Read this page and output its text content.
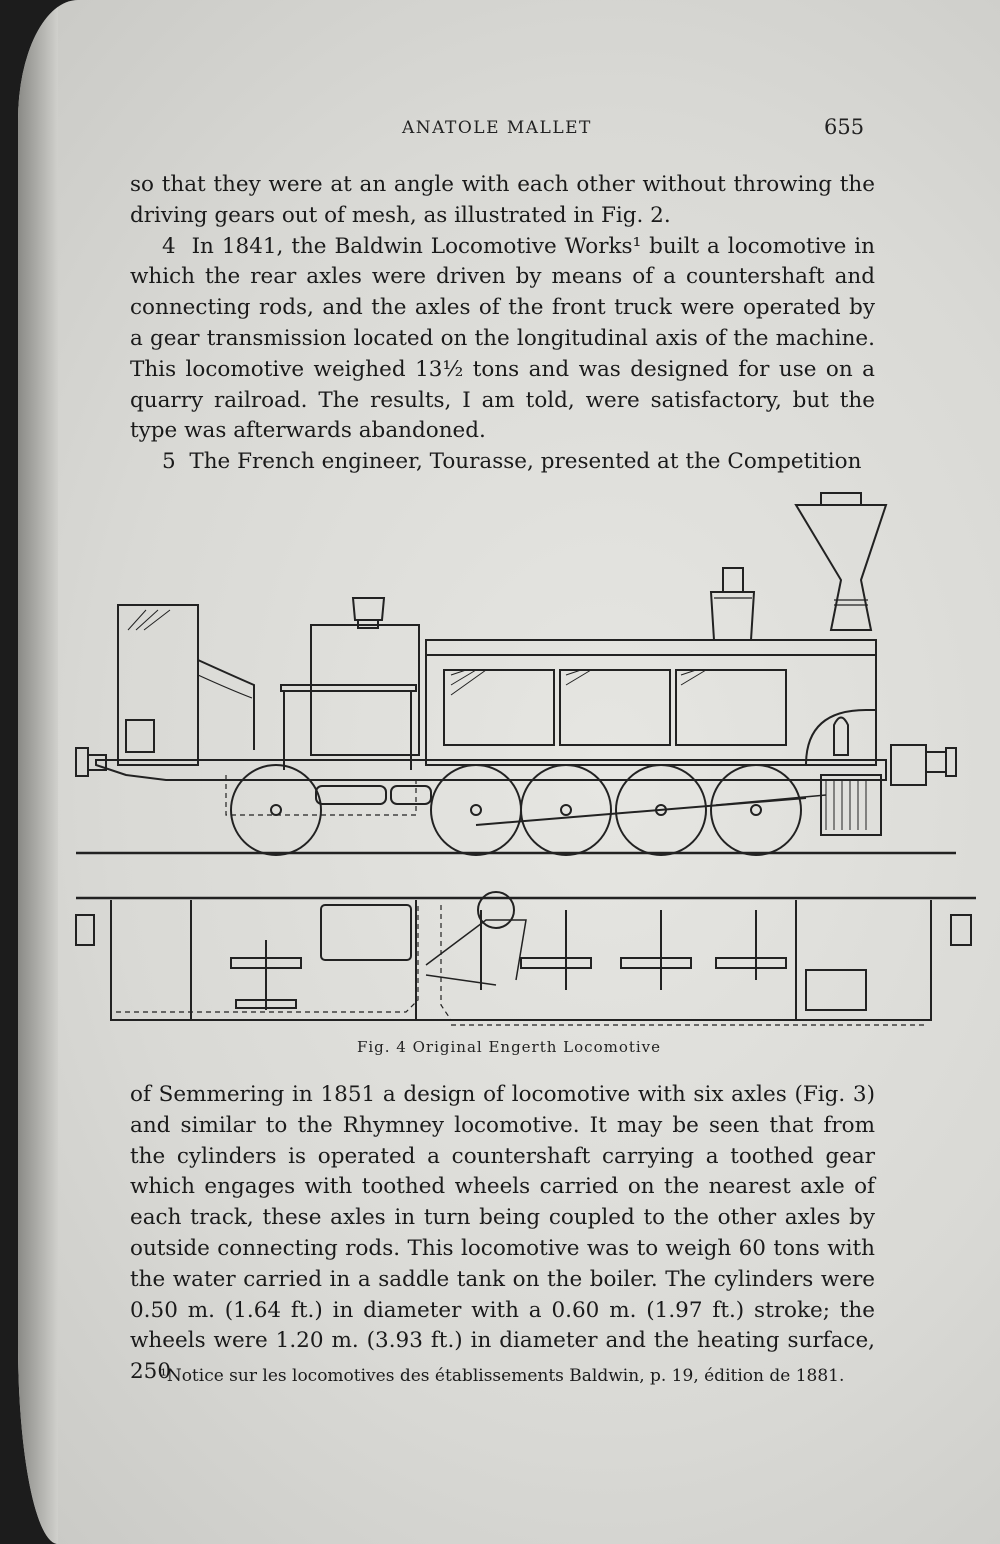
ANATOLE MALLET	655

so that they were at an angle with each other without throwing the driving gears out of mesh, as illustrated in Fig. 2.

4 In 1841, the Baldwin Locomotive Works¹ built a locomotive in which the rear axles were driven by means of a countershaft and connecting rods, and the axles of the front truck were operated by a gear transmission located on the longitudinal axis of the machine. This locomotive weighed 13½ tons and was designed for use on a quarry railroad. The results, I am told, were satisfactory, but the type was afterwards abandoned.

5 The French engineer, Tourasse, presented at the Competition

Fig. 4 Original Engerth Locomotive

of Semmering in 1851 a design of locomotive with six axles (Fig. 3) and similar to the Rhymney locomotive. It may be seen that from the cylinders is operated a countershaft carrying a toothed gear which engages with toothed wheels carried on the nearest axle of each track, these axles in turn being coupled to the other axles by outside connecting rods. This locomotive was to weigh 60 tons with the water carried in a saddle tank on the boiler. The cylinders were 0.50 m. (1.64 ft.) in diameter with a 0.60 m. (1.97 ft.) stroke; the wheels were 1.20 m. (3.93 ft.) in diameter and the heating surface, 250

¹Notice sur les locomotives des établissements Baldwin, p. 19, édition de 1881.
